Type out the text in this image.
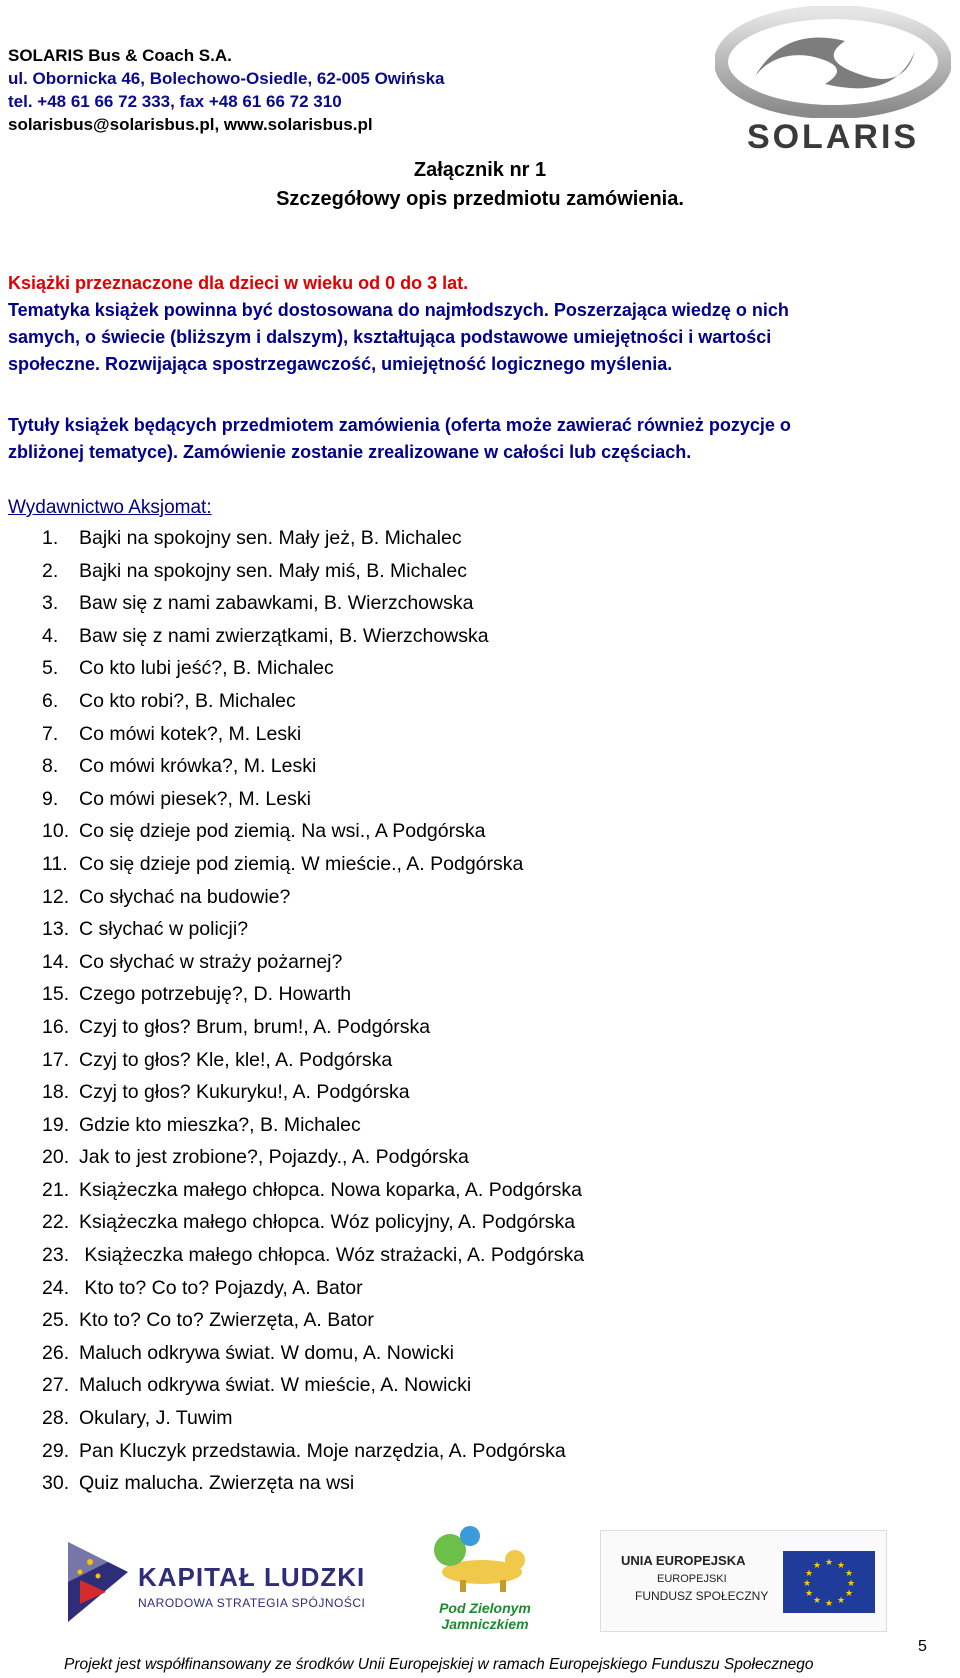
SOLARIS Bus & Coach S.A.
ul. Obornicka 46, Bolechowo-Osiedle, 62-005 Owińska
tel. +48 61 66 72 333, fax +48 61 66 72 310
solarisbus@solarisbus.pl, www.solarisbus.pl	SOLARIS
Załącznik nr 1
Szczegółowy opis przedmiotu zamówienia.
Książki przeznaczone dla dzieci w wieku od 0 do 3 lat.
Tematyka książek powinna być dostosowana do najmłodszych. Poszerzająca wiedzę o nich
samych, o świecie (bliższym i dalszym), kształtująca podstawowe umiejętności i wartości
społeczne. Rozwijająca spostrzegawczość, umiejętność logicznego myślenia.
Tytuły książek będących przedmiotem zamówienia (oferta może zawierać również pozycje o
zbliżonej tematyce). Zamówienie zostanie zrealizowane w całości lub częściach.
Wydawnictwo Aksjomat:
1.	Bajki na spokojny sen. Mały jeż, B. Michalec
2.	Bajki na spokojny sen. Mały miś, B. Michalec
3.	Baw się z nami zabawkami, B. Wierzchowska
4.	Baw się z nami zwierzątkami, B. Wierzchowska
5.	Co kto lubi jeść?, B. Michalec
6.	Co kto robi?, B. Michalec
7.	Co mówi kotek?, M. Leski
8.	Co mówi krówka?, M. Leski
9.	Co mówi piesek?, M. Leski
10. Co się dzieje pod ziemią. Na wsi., A Podgórska
11. Co się dzieje pod ziemią. W mieście., A. Podgórska
12. Co słychać na budowie?
13. C słychać w policji?
14. Co słychać w straży pożarnej?
15. Czego potrzebuję?, D. Howarth
16. Czyj to głos? Brum, brum!, A. Podgórska
17. Czyj to głos? Kle, kle!, A. Podgórska
18. Czyj to głos? Kukuryku!, A. Podgórska
19. Gdzie kto mieszka?, B. Michalec
20. Jak to jest zrobione?, Pojazdy., A. Podgórska
21. Książeczka małego chłopca. Nowa koparka, A. Podgórska
22. Książeczka małego chłopca. Wóz policyjny, A. Podgórska
23. Książeczka małego chłopca. Wóz strażacki, A. Podgórska
24. Kto to? Co to? Pojazdy, A. Bator
25. Kto to? Co to? Zwierzęta, A. Bator
26. Maluch odkrywa świat. W domu, A. Nowicki
27. Maluch odkrywa świat. W mieście, A. Nowicki
28. Okulary, J. Tuwim
29. Pan Kluczyk przedstawia. Moje narzędzia, A. Podgórska
30. Quiz malucha. Zwierzęta na wsi
KAPITAŁ LUDZKI
NARODOWA STRATEGIA SPÓJNOŚCI	Pod Zielonym
Jamniczkiem
UNIA EUROPEJSKA
EUROPEJSKI
FUNDUSZ SPOŁECZNY
★ ★
★
★
★
★
★
★
★
★
★
★
Projekt jest współfinansowany ze środków Unii Europejskiej w ramach Europejskiego Funduszu Społecznego
5
